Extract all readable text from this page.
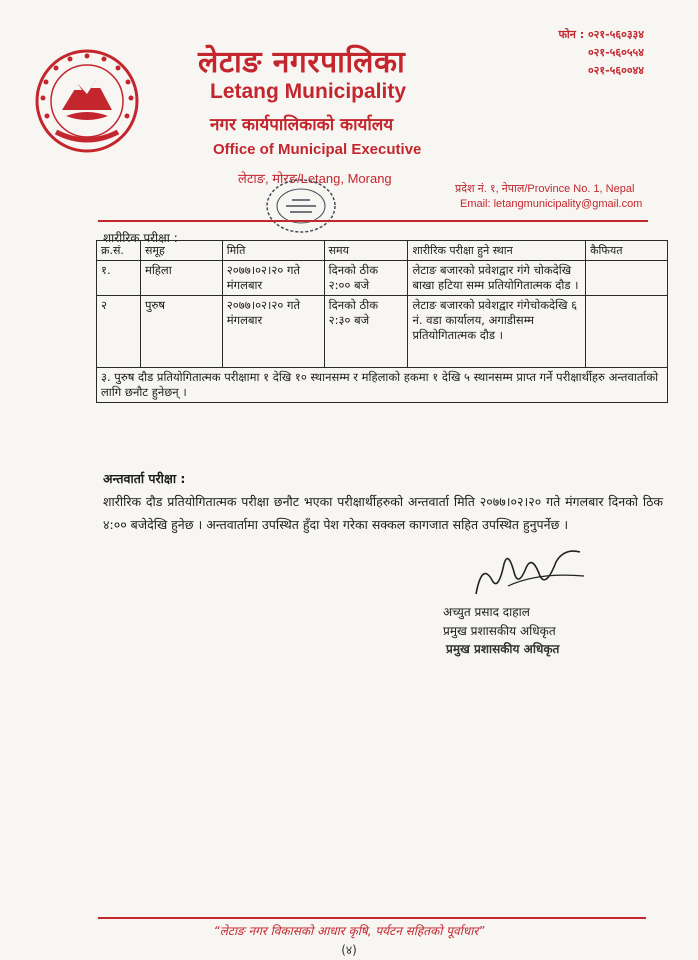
लेटाङ नगरपालिका
Letang Municipality
नगर कार्यपालिकाको कार्यालय
Office of Municipal Executive
लेटाङ, मोरङ/Letang, Morang
फोन : ०२१-५६०३३४
०२१-५६०५५४
०२१-५६००४४
प्रदेश नं. १, नेपाल/Province No. 1, Nepal
Email: letangmunicipality@gmail.com
शारीरिक परीक्षा :
क्र.सं.	समूह	मिति	समय	शारीरिक परीक्षा हुने स्थान	कैफियत
१.	महिला	२०७७।०२।२० गते मंगलबार	दिनको ठीक २:०० बजे	लेटाङ बजारको प्रवेशद्वार गंगे चोकदेखि बाखा हटिया सम्म प्रतियोगितात्मक दौड ।	
२	पुरुष	२०७७।०२।२० गते मंगलबार	दिनको ठीक २:३० बजे	लेटाङ बजारको प्रवेशद्वार गंगेचोकदेखि ६ नं. वडा कार्यालय, अगाडीसम्म प्रतियोगितात्मक दौड ।	
३. पुरुष दौड प्रतियोगितात्मक परीक्षामा १ देखि १० स्थानसम्म र महिलाको हकमा १ देखि ५ स्थानसम्म प्राप्त गर्ने परीक्षार्थीहरु अन्तवार्ताको लागि छनौट हुनेछन् ।					
अन्तवार्ता परीक्षा :
शारीरिक दौड प्रतियोगितात्मक परीक्षा छनौट भएका परीक्षार्थीहरुको अन्तवार्ता मिति २०७७।०२।२० गते मंगलबार दिनको ठिक ४:०० बजेदेखि हुनेछ । अन्तवार्तामा उपस्थित हुँदा पेश गरेका सक्कल कागजात सहित उपस्थित हुनुपर्नेछ ।
अच्युत प्रसाद दाहाल
प्रमुख प्रशासकीय अधिकृत
प्रमुख प्रशासकीय अधिकृत
“लेटाङ नगर विकासको आधार कृषि, पर्यटन सहितको पूर्वाधार”
(४)
